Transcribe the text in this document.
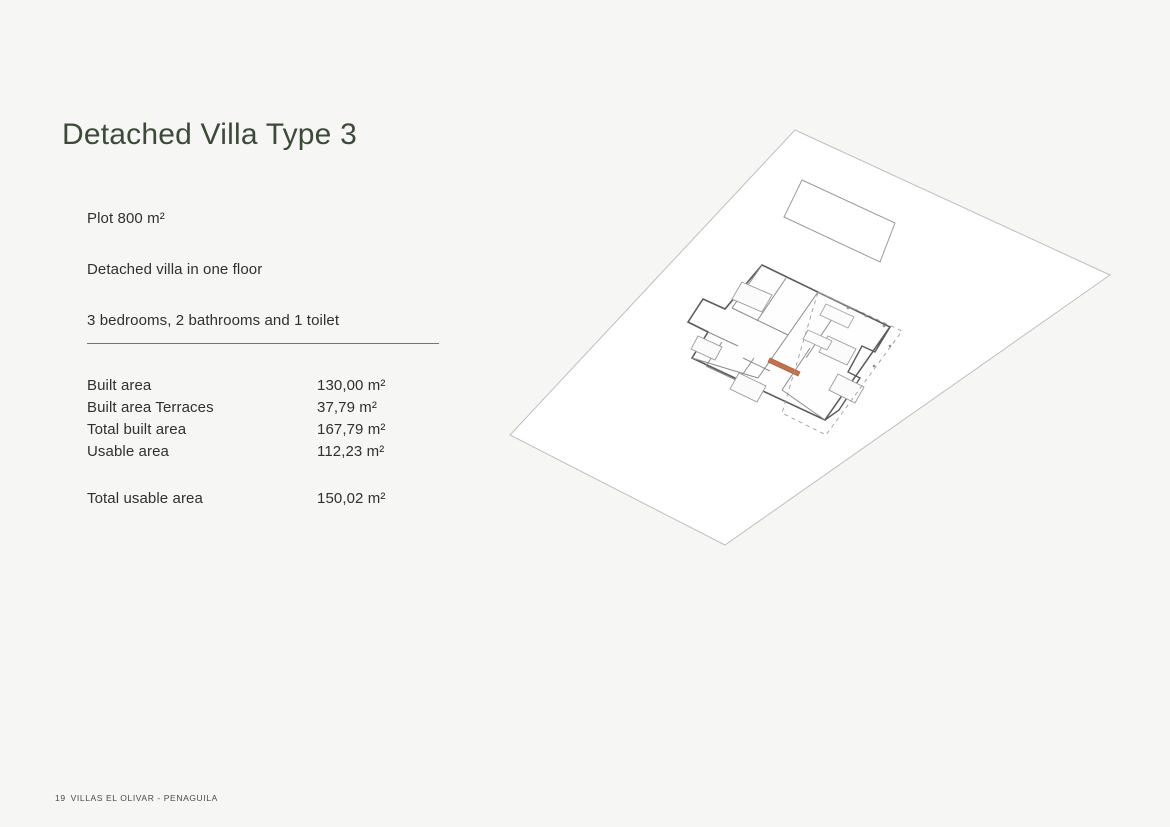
Detached Villa Type 3
Plot 800 m²
Detached villa in one floor
3 bedrooms, 2 bathrooms and 1 toilet
Built area	130,00 m²
Built area Terraces	37,79 m²
Total built area	167,79 m²
Usable area	112,23 m²

Total usable area	150,02 m²
19 VILLAS EL OLIVAR - PENAGUILA
